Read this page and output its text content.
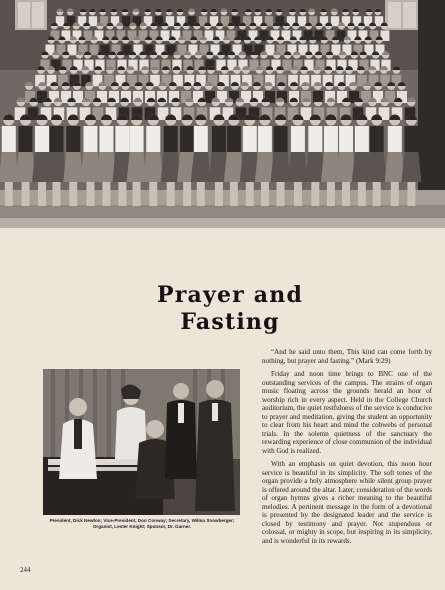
Prayer and
Fasting

“And he said unto them, This kind can come forth by nothing, but prayer and fasting.” (Mark 9:29)

Friday and noon time brings to BNC one of the outstanding services of the campus. The strains of organ music floating across the grounds herald an hour of worship rich in every aspect. Held in the College Church auditorium, the quiet restfulness of the service is conducive to prayer and meditation, giving the student an opportunity to clear from his heart and mind the cobwebs of personal trials. In the solemn quietness of the sanctuary the rewarding experience of close communion of the individual with God is realized.

With an emphasis on quiet devotion, this noon hour service is beautiful in its simplicity. The soft tones of the organ provide a holy atmosphere while silent group prayer is offered around the altar. Later, consideration of the words of organ hymns gives a richer meaning to the beautiful melodies. A pertinent message in the form of a devotional is presented by the designated leader and the service is closed by testimony and prayer. Not stupendous or colossal, or mighty in scope, but inspiring in its simplicity, and is wonderful in its rewards.

President, Dick Newton; Vice-President, Don Conway; Secretary, Wilma Snowberger; Organist, Lester Knight; Sponsor, Dr. Garner.
244
